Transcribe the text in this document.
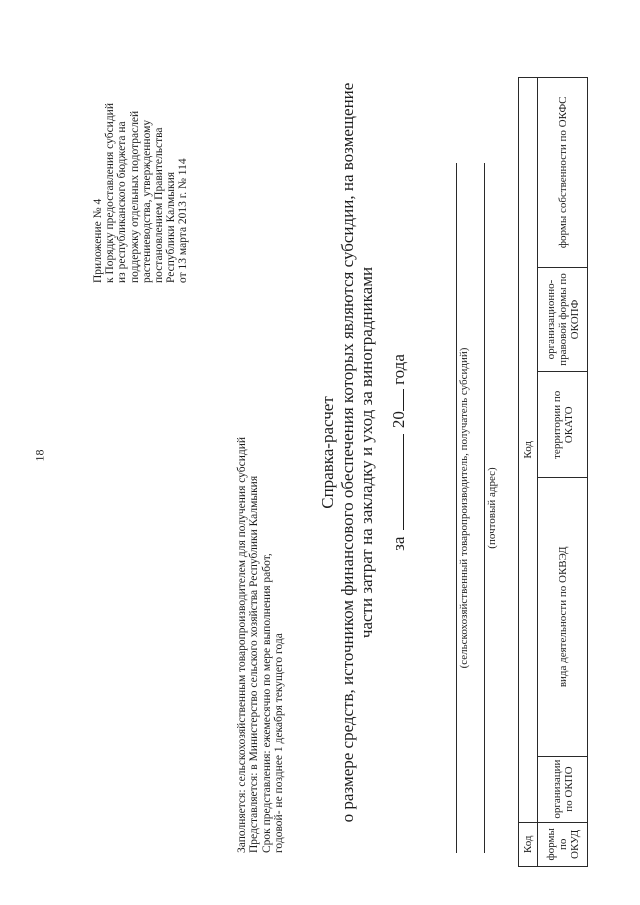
18
Приложение № 4 к Порядку предоставления субсидий из республиканского бюджета на поддержку отдельных подотраслей растениеводства, утвержденному постановлением Правительства Республики Калмыкия от 13 марта 2013 г. № 114
Заполняется: сельскохозяйственным товаропроизводителем для получения субсидий Представляется: в Министерство сельского хозяйства Республики Калмыкия Срок представления: ежемесячно по мере выполнения работ, годовой- не позднее 1 декабря текущего года
Справка-расчет о размере средств, источником финансового обеспечения которых являются субсидии, на возмещение части затрат на закладку и уход за виноградниками за  20 года	(сельскохозяйственный товаропроизводитель, получатель субсидий) (почтовый адрес)
Код	Код				
формы по ОКУД	организации по ОКПО	вида деятельности по ОКВЭД	территории по ОКАТО	организационно-правовой формы по ОКОПФ	формы собственности по ОКФС
